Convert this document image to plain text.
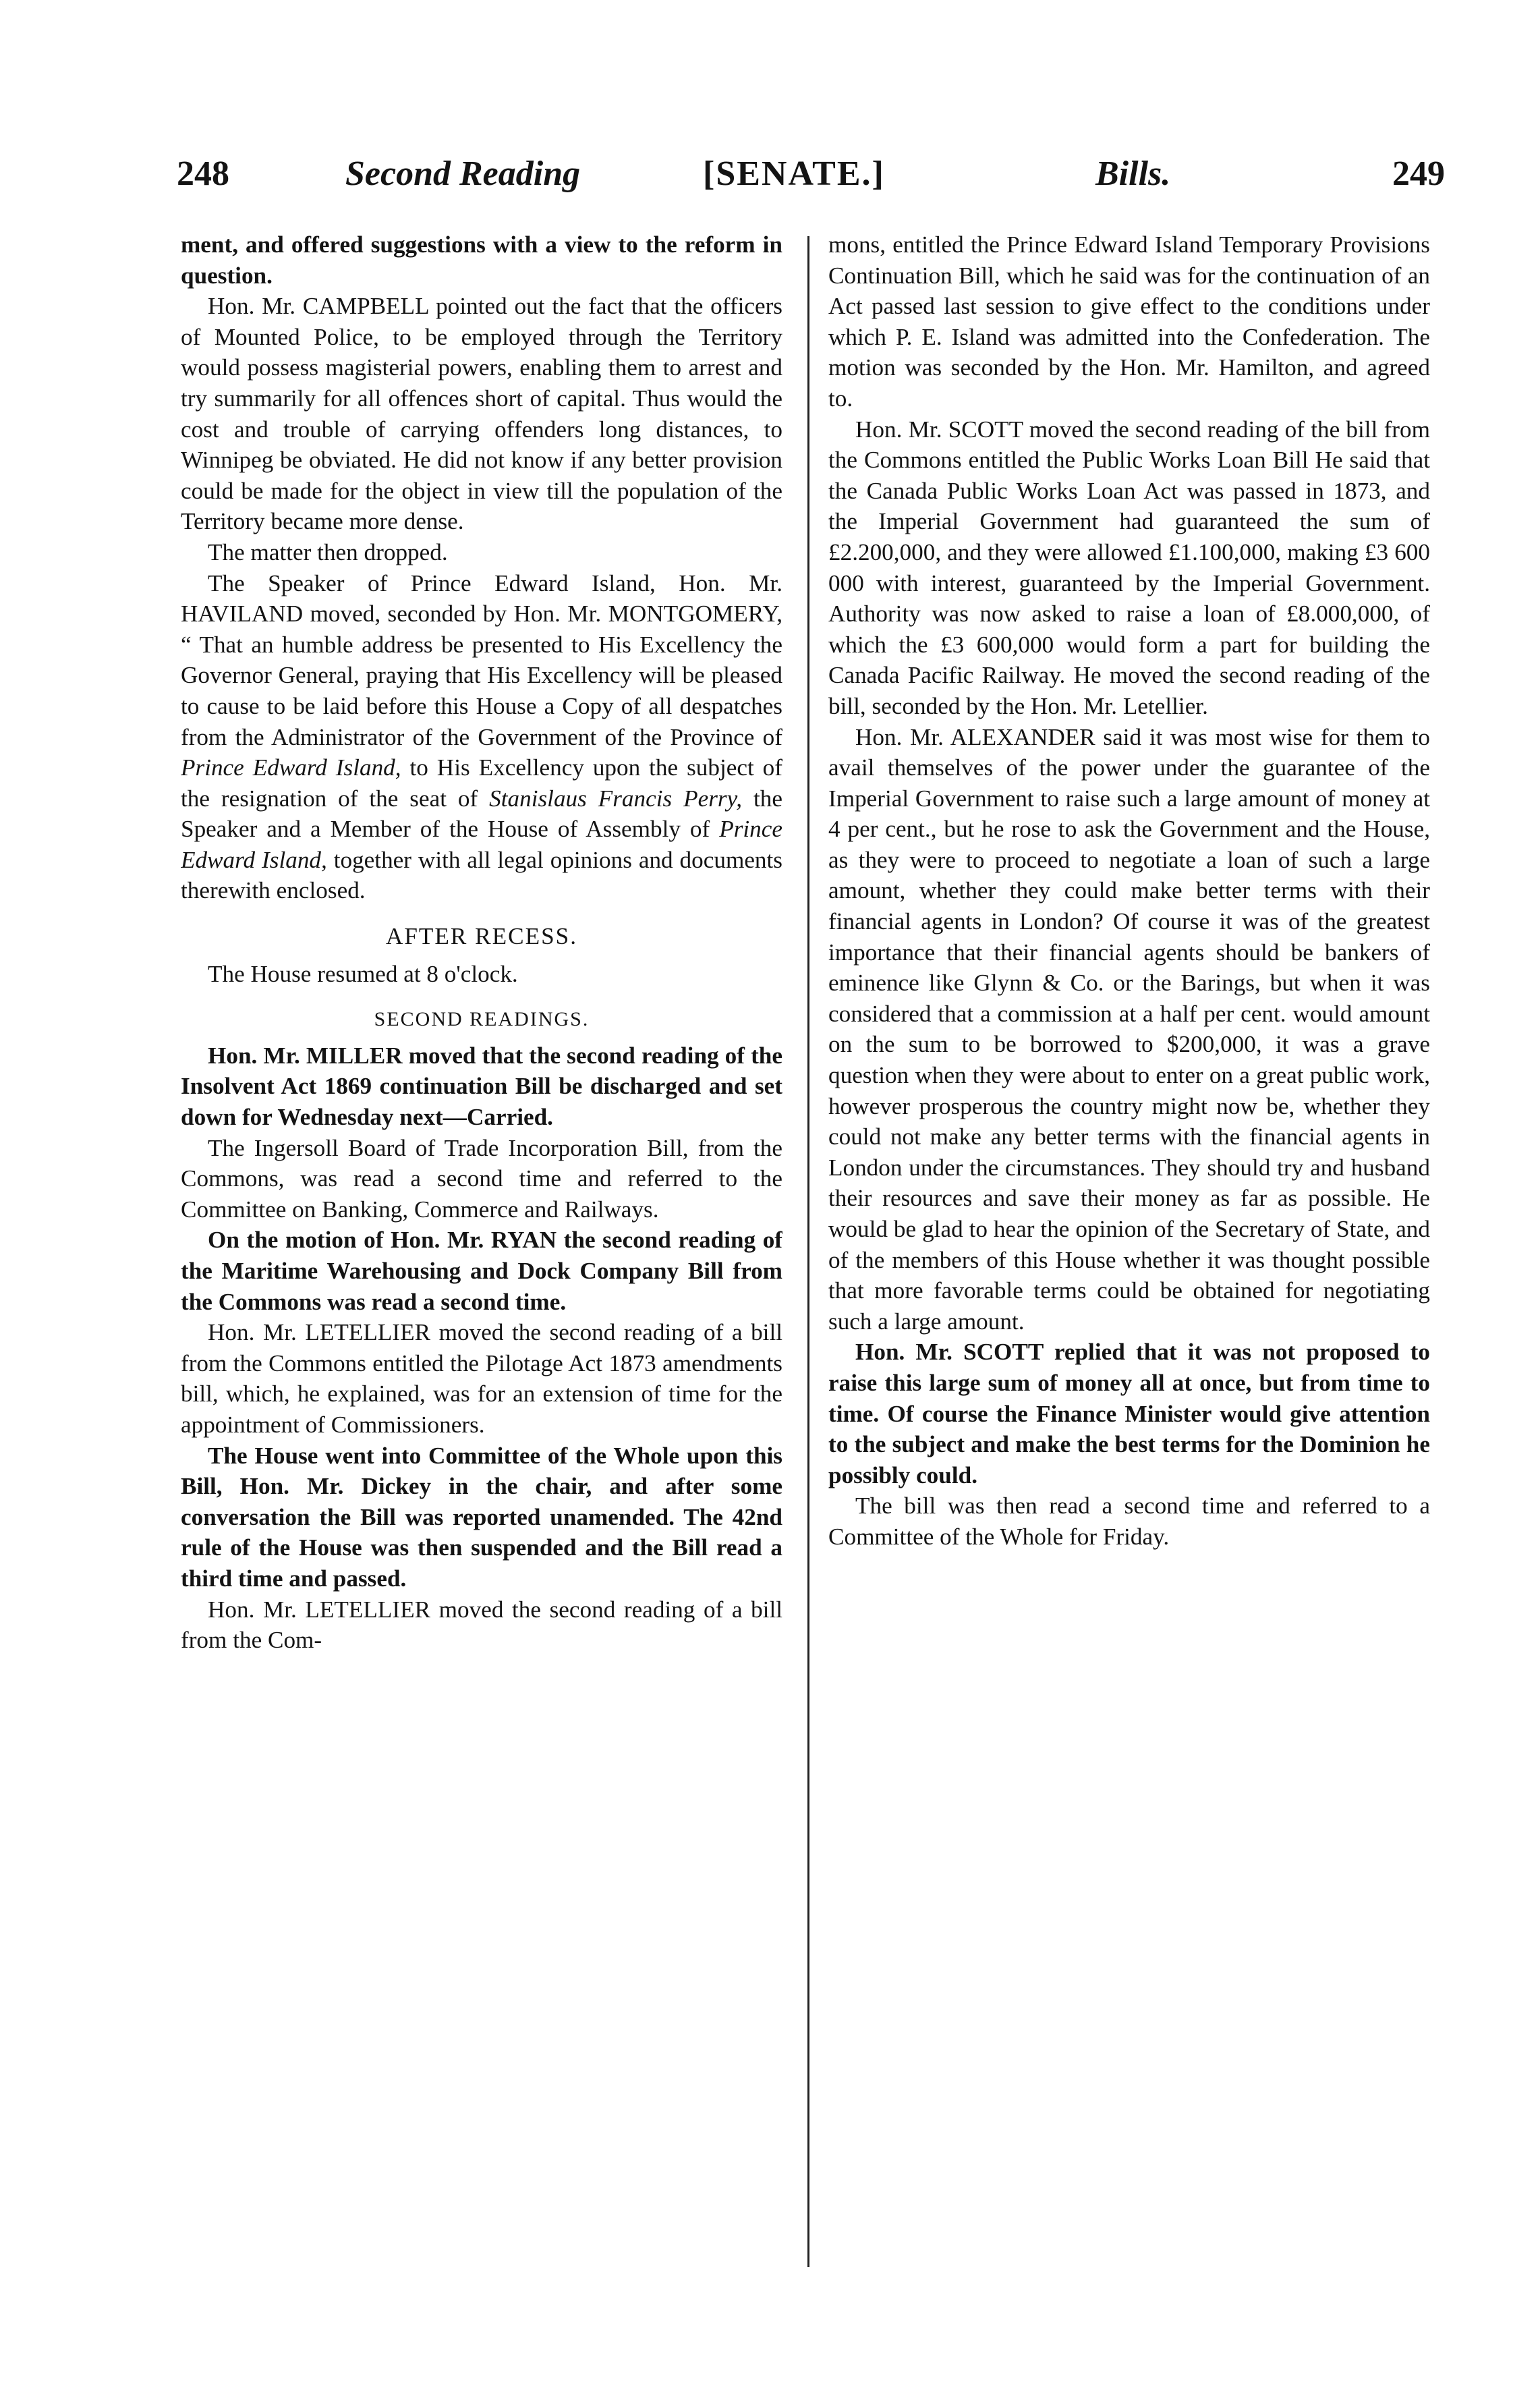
248	Second Reading	[SENATE.]	Bills.	249

ment, and offered suggestions with a view to the reform in question.

Hon. Mr. CAMPBELL pointed out the fact that the officers of Mounted Police, to be employed through the Territory would possess magisterial powers, enabling them to arrest and try summarily for all offences short of capital. Thus would the cost and trouble of carrying offenders long distances, to Winnipeg be obviated. He did not know if any better provision could be made for the object in view till the population of the Territory became more dense.

The matter then dropped.

The Speaker of Prince Edward Island, Hon. Mr. HAVILAND moved, seconded by Hon. Mr. MONTGOMERY, “ That an humble address be presented to His Excellency the Governor General, praying that His Excellency will be pleased to cause to be laid before this House a Copy of all despatches from the Administrator of the Government of the Province of Prince Edward Island, to His Excellency upon the subject of the resignation of the seat of Stanislaus Francis Perry, the Speaker and a Member of the House of Assembly of Prince Edward Island, together with all legal opinions and documents therewith enclosed.

AFTER RECESS.

The House resumed at 8 o'clock.

SECOND READINGS.

Hon. Mr. MILLER moved that the second reading of the Insolvent Act 1869 continuation Bill be discharged and set down for Wednesday next—Carried.

The Ingersoll Board of Trade Incorporation Bill, from the Commons, was read a second time and referred to the Committee on Banking, Commerce and Railways.

On the motion of Hon. Mr. RYAN the second reading of the Maritime Warehousing and Dock Company Bill from the Commons was read a second time.

Hon. Mr. LETELLIER moved the second reading of a bill from the Commons entitled the Pilotage Act 1873 amendments bill, which, he explained, was for an extension of time for the appointment of Commissioners.

The House went into Committee of the Whole upon this Bill, Hon. Mr. Dickey in the chair, and after some conversation the Bill was reported unamended. The 42nd rule of the House was then suspended and the Bill read a third time and passed.

Hon. Mr. LETELLIER moved the second reading of a bill from the Com-

mons, entitled the Prince Edward Island Temporary Provisions Continuation Bill, which he said was for the continuation of an Act passed last session to give effect to the conditions under which P. E. Island was admitted into the Confederation. The motion was seconded by the Hon. Mr. Hamilton, and agreed to.

Hon. Mr. SCOTT moved the second reading of the bill from the Commons entitled the Public Works Loan Bill He said that the Canada Public Works Loan Act was passed in 1873, and the Imperial Government had guaranteed the sum of £2.200,000, and they were allowed £1.100,000, making £3 600 000 with interest, guaranteed by the Imperial Government. Authority was now asked to raise a loan of £8.000,000, of which the £3 600,000 would form a part for building the Canada Pacific Railway. He moved the second reading of the bill, seconded by the Hon. Mr. Letellier.

Hon. Mr. ALEXANDER said it was most wise for them to avail themselves of the power under the guarantee of the Imperial Government to raise such a large amount of money at 4 per cent., but he rose to ask the Government and the House, as they were to proceed to negotiate a loan of such a large amount, whether they could make better terms with their financial agents in London? Of course it was of the greatest importance that their financial agents should be bankers of eminence like Glynn & Co. or the Barings, but when it was considered that a commission at a half per cent. would amount on the sum to be borrowed to $200,000, it was a grave question when they were about to enter on a great public work, however prosperous the country might now be, whether they could not make any better terms with the financial agents in London under the circumstances. They should try and husband their resources and save their money as far as possible. He would be glad to hear the opinion of the Secretary of State, and of the members of this House whether it was thought possible that more favorable terms could be obtained for negotiating such a large amount.

Hon. Mr. SCOTT replied that it was not proposed to raise this large sum of money all at once, but from time to time. Of course the Finance Minister would give attention to the subject and make the best terms for the Dominion he possibly could.

The bill was then read a second time and referred to a Committee of the Whole for Friday.
